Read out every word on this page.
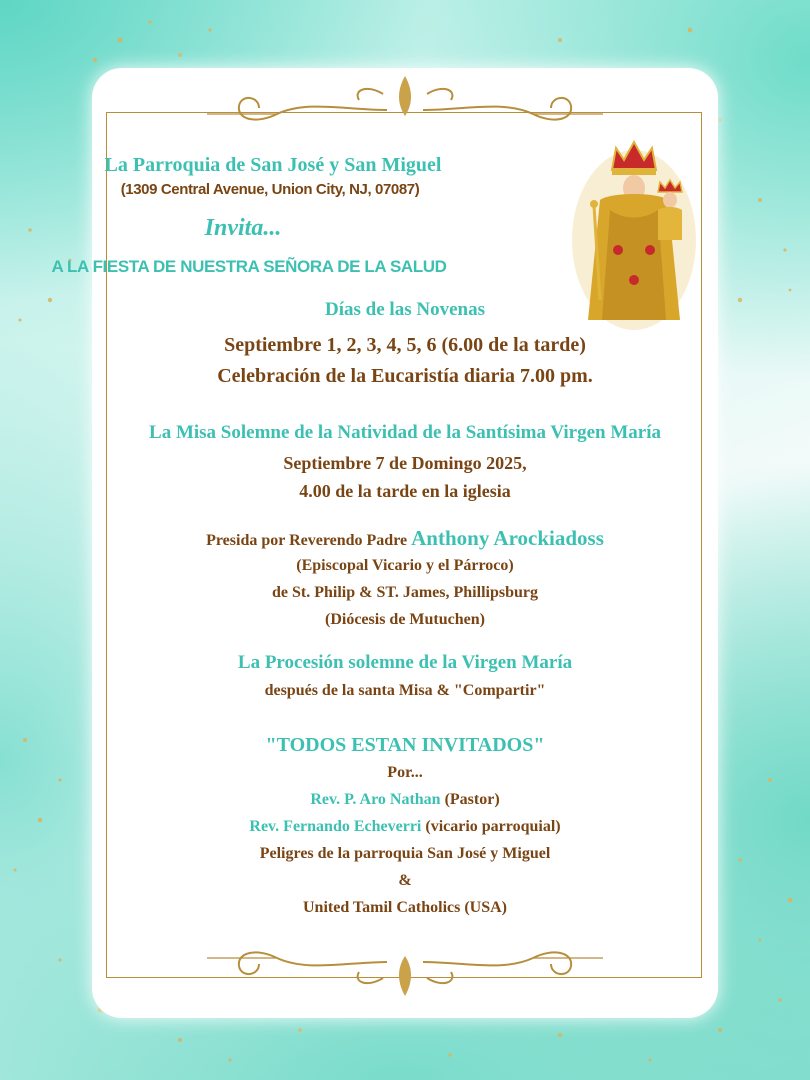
La Parroquia de San José y San Miguel
(1309 Central Avenue, Union City, NJ, 07087)
Invita...
A LA FIESTA DE NUESTRA SEÑORA DE LA SALUD
Días de las Novenas
Septiembre 1, 2, 3, 4, 5, 6 (6.00 de la tarde)
Celebración de la Eucaristía diaria 7.00 pm.
La Misa Solemne de la Natividad de la Santísima Virgen María
Septiembre 7 de Domingo 2025,
4.00 de la tarde en la iglesia
Presida por Reverendo Padre Anthony Arockiadoss
(Episcopal Vicario y el Párroco)
de St. Philip & ST. James, Phillipsburg
(Diócesis de Mutuchen)
La Procesión solemne de la Virgen María
después de la santa Misa & "Compartir"
"TODOS ESTAN INVITADOS"
Por...
Rev. P. Aro Nathan (Pastor)
Rev. Fernando Echeverri (vicario parroquial)
Peligres de la parroquia San José y Miguel
&
United Tamil Catholics (USA)
